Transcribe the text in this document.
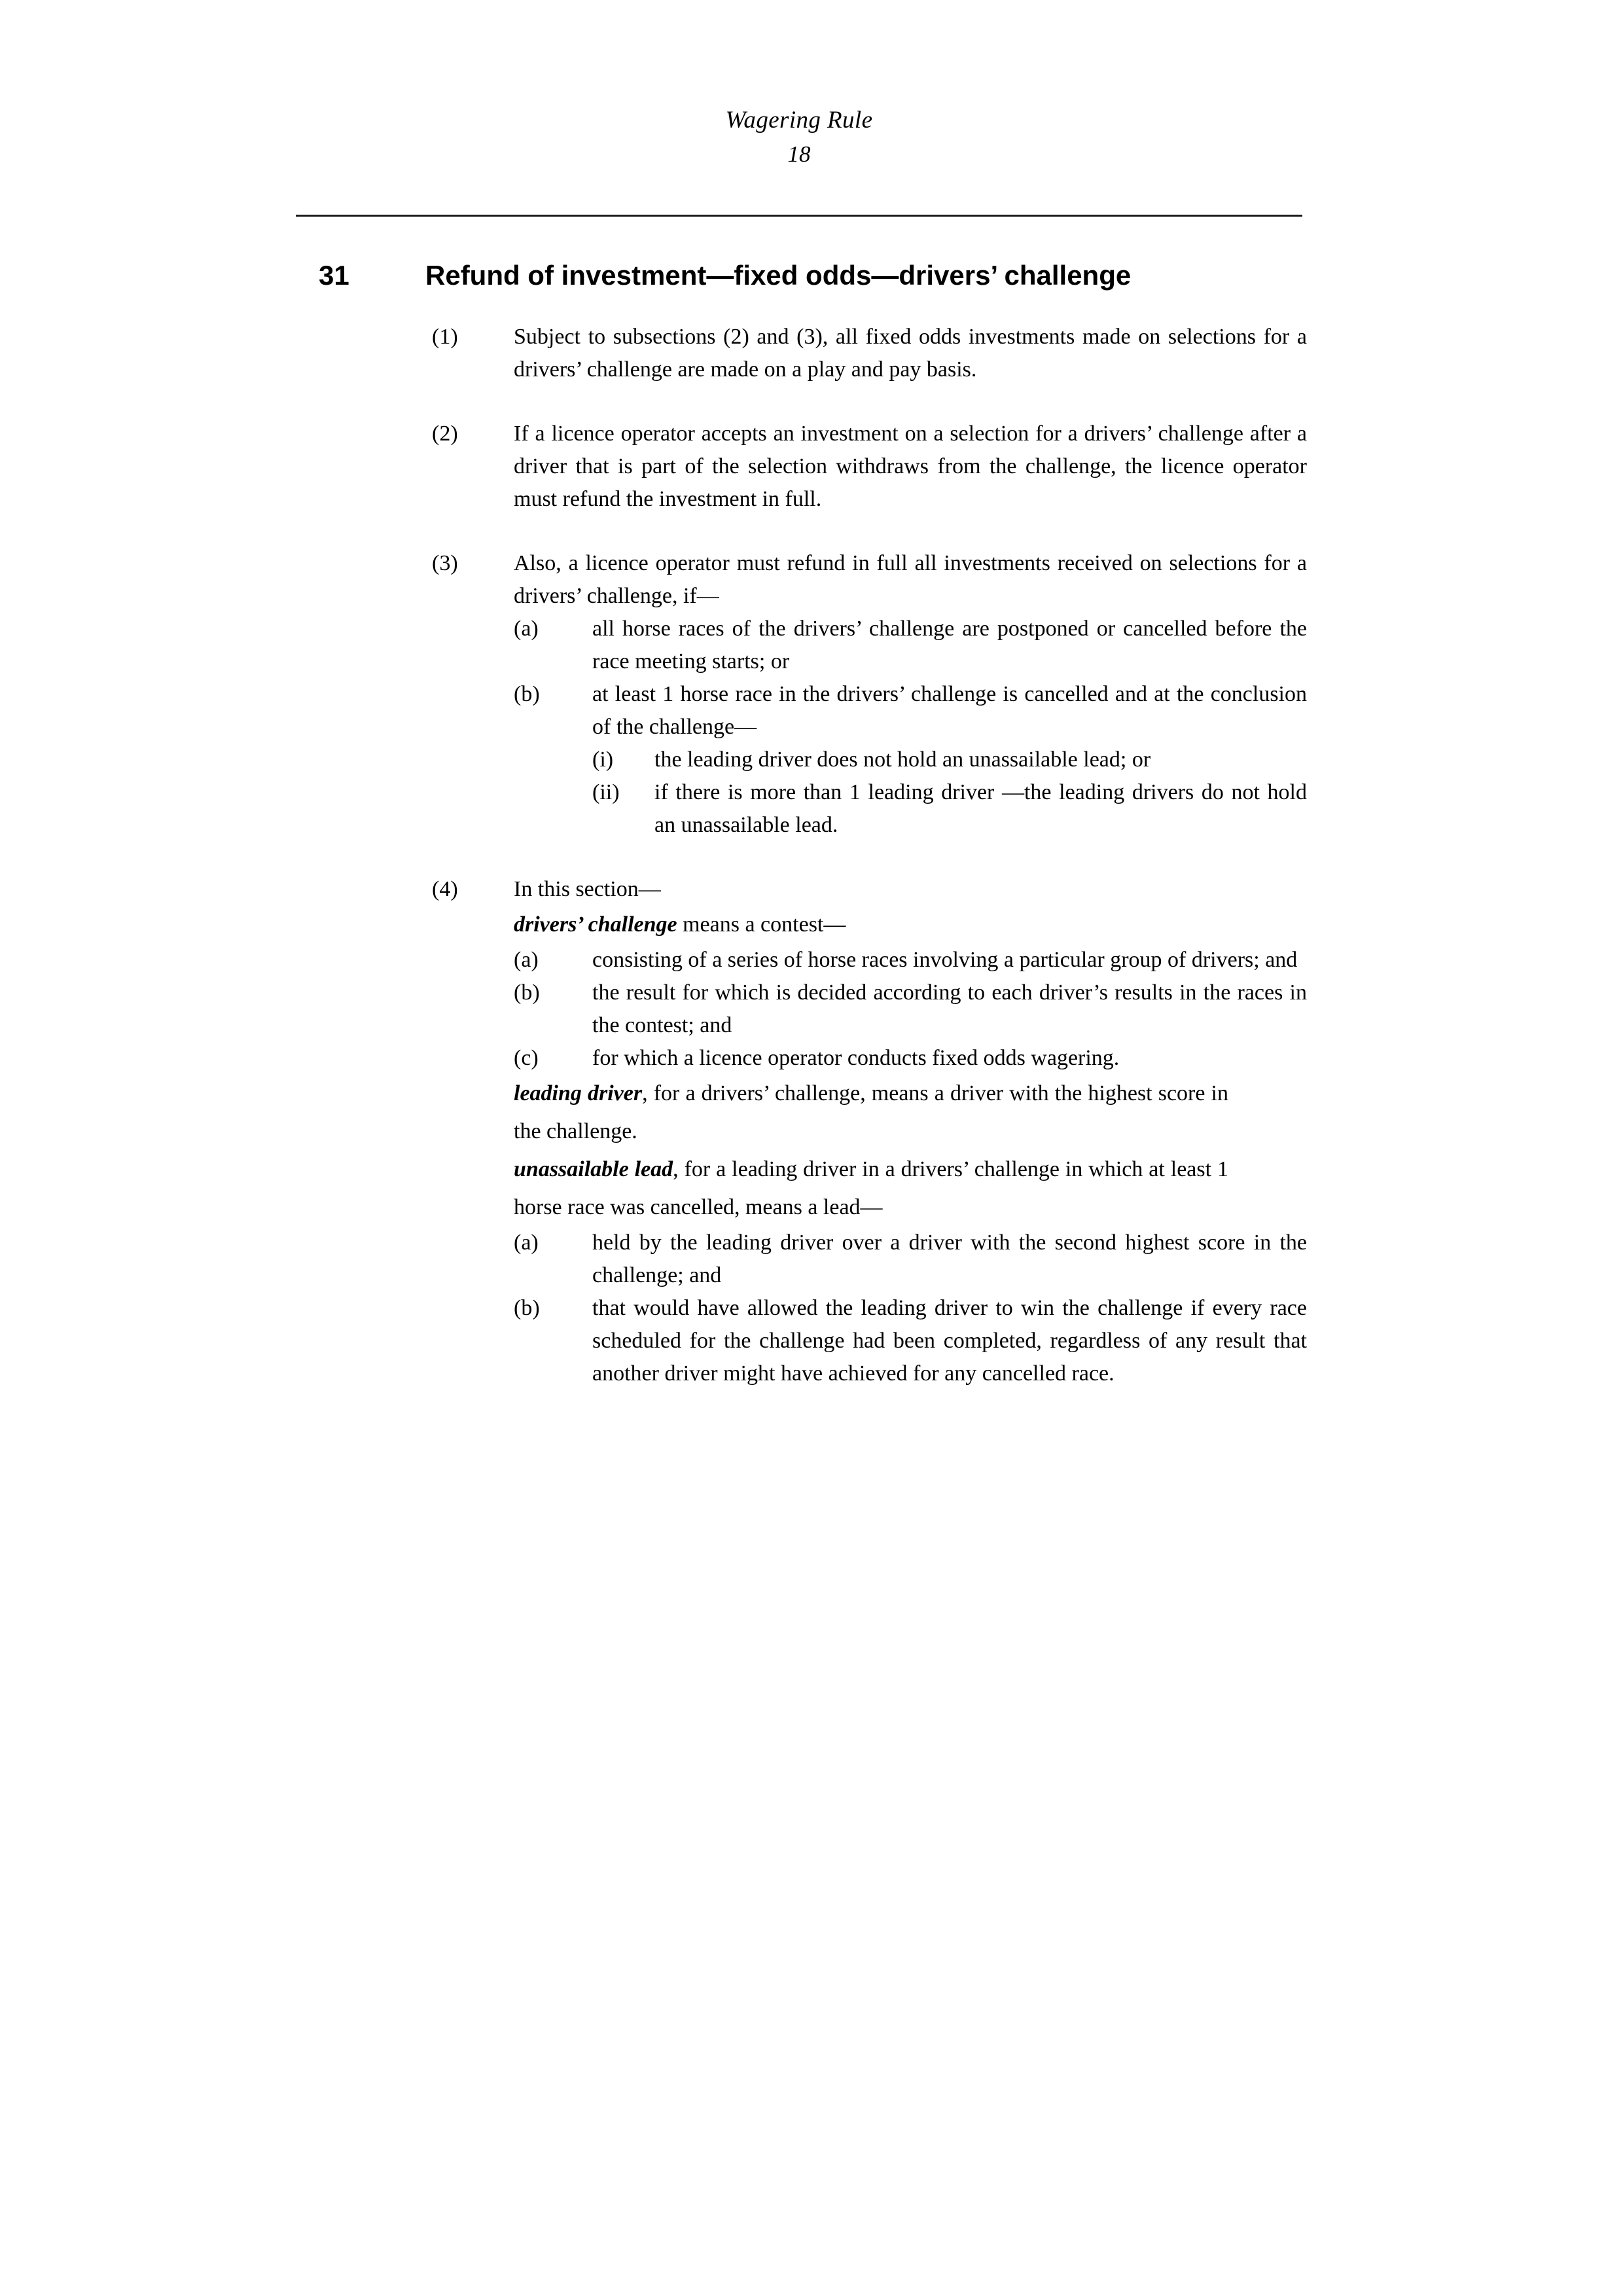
Wagering Rule
18
31	Refund of investment—fixed odds—drivers’ challenge
(1)	Subject to subsections (2) and (3), all fixed odds investments made on selections for a drivers’ challenge are made on a play and pay basis.
(2)	If a licence operator accepts an investment on a selection for a drivers’ challenge after a driver that is part of the selection withdraws from the challenge, the licence operator must refund the investment in full.
(3)	Also, a licence operator must refund in full all investments received on selections for a drivers’ challenge, if—
(a)	all horse races of the drivers’ challenge are postponed or cancelled before the race meeting starts; or
(b)	at least 1 horse race in the drivers’ challenge is cancelled and at the conclusion of the challenge—
(i)	the leading driver does not hold an unassailable lead; or
(ii)	if there is more than 1 leading driver —the leading drivers do not hold an unassailable lead.
(4)	In this section—
drivers’ challenge means a contest—
(a)	consisting of a series of horse races involving a particular group of drivers; and
(b)	the result for which is decided according to each driver’s results in the races in the contest; and
(c)	for which a licence operator conducts fixed odds wagering.
leading driver, for a drivers’ challenge, means a driver with the highest score in the challenge.
unassailable lead, for a leading driver in a drivers’ challenge in which at least 1 horse race was cancelled, means a lead—
(a)	held by the leading driver over a driver with the second highest score in the challenge; and
(b)	that would have allowed the leading driver to win the challenge if every race scheduled for the challenge had been completed, regardless of any result that another driver might have achieved for any cancelled race.
